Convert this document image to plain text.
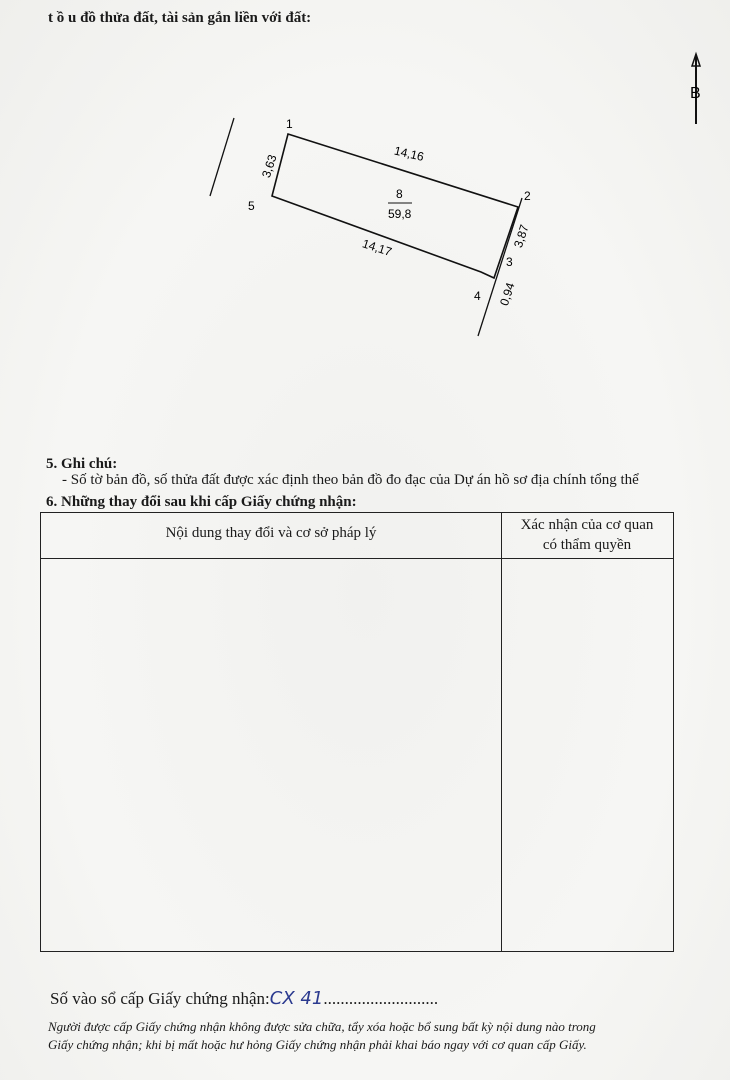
t ồ u đồ thửa đất, tài sản gắn liền với đất:
B
1
2
3
4
5
14,16
3,63
3,87
0,94
14,17
8
59,8
5. Ghi chú:
- Số tờ bản đồ, số thửa đất được xác định theo bản đồ đo đạc của Dự án hồ sơ địa chính tổng thể
6. Những thay đổi sau khi cấp Giấy chứng nhận:
Nội dung thay đổi và cơ sở pháp lý	Xác nhận của cơ quan
có thẩm quyền
Số vào sổ cấp Giấy chứng nhận:CX 41...........................
Người được cấp Giấy chứng nhận không được sửa chữa, tẩy xóa hoặc bổ sung bất kỳ nội dung nào trong
Giấy chứng nhận; khi bị mất hoặc hư hỏng Giấy chứng nhận phải khai báo ngay với cơ quan cấp Giấy.
